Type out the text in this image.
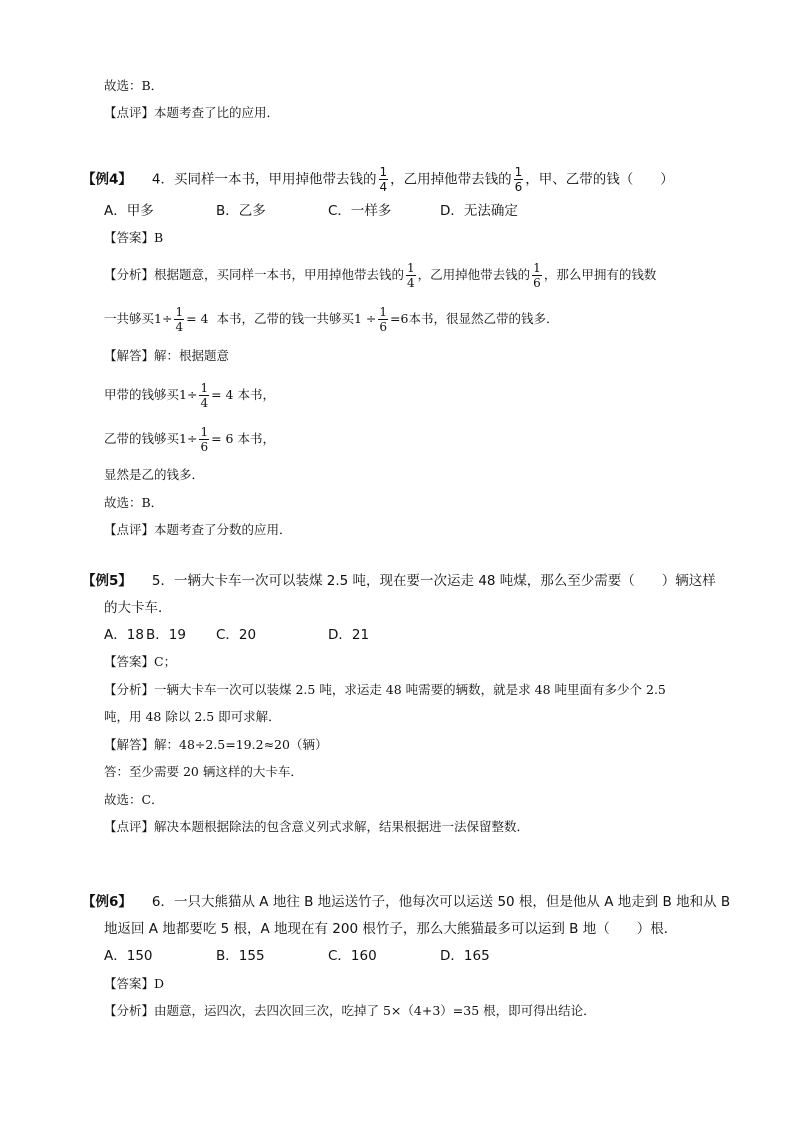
故选：B．
【点评】本题考查了比的应用．
【例4】 4．买同样一本书，甲用掉他带去钱的 $\frac{1}{4}$ ，乙用掉他带去钱的 $\frac{1}{6}$ ，甲、乙带的钱（　　）
A．甲多	B．乙多	C．一样多	D．无法确定
【答案】B
【分析】根据题意，买同样一本书，甲用掉他带去钱的 $\frac{1}{4}$ ，乙用掉他带去钱的 $\frac{1}{6}$ ，那么甲拥有的钱数
一共够买$1\div \frac{1}{4} = 4$ 本书，乙带的钱一共够买$1 \div \frac{1}{6} =6$本书，很显然乙带的钱多．
【解答】解：根据题意
甲带的钱够买$1\div \frac{1}{4} = 4$ 本书，
乙带的钱够买$1\div \frac{1}{6} = 6$ 本书，
显然是乙的钱多．
故选：B．
【点评】本题考查了分数的应用．
【例5】 5．一辆大卡车一次可以装煤 2.5 吨，现在要一次运走 48 吨煤，那么至少需要（　　）辆这样
的大卡车．
A．18 B．19 C．20	D．21
【答案】C；
【分析】一辆大卡车一次可以装煤 2.5 吨，求运走 48 吨需要的辆数，就是求 48 吨里面有多少个 2.5
吨，用 48 除以 2.5 即可求解．
【解答】解：48÷2.5=19.2≈20（辆）
答：至少需要 20 辆这样的大卡车．
故选：C．
【点评】解决本题根据除法的包含意义列式求解，结果根据进一法保留整数．
【例6】 6．一只大熊猫从 A 地往 B 地运送竹子，他每次可以运送 50 根，但是他从 A 地走到 B 地和从 B
地返回 A 地都要吃 5 根，A 地现在有 200 根竹子，那么大熊猫最多可以运到 B 地（　　）根．
A．150	B．155	C．160	D．165
【答案】D
【分析】由题意，运四次，去四次回三次，吃掉了 5×（4+3）=35 根，即可得出结论．
